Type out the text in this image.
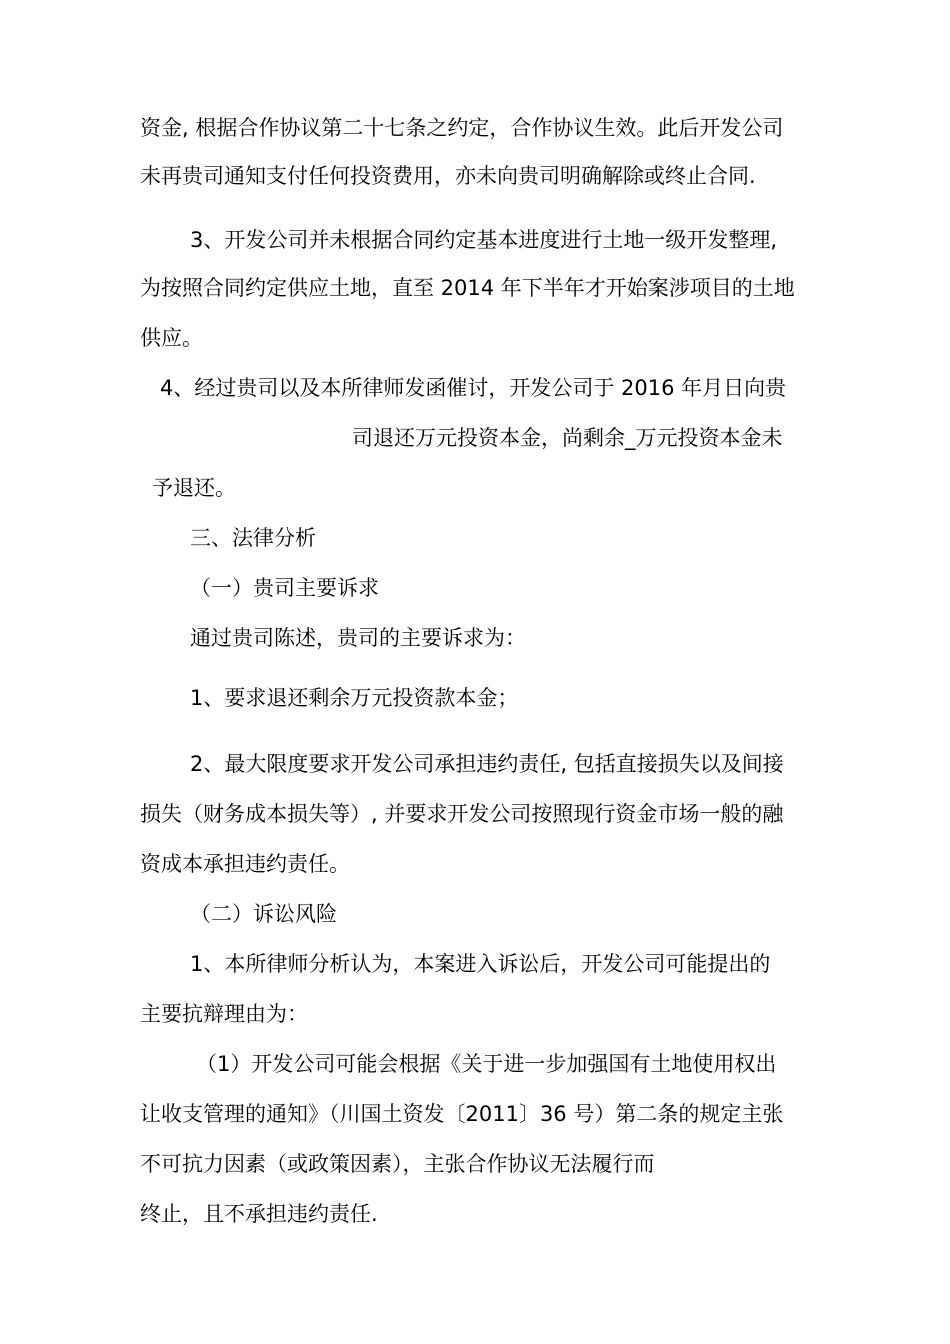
资金, 根据合作协议第二十七条之约定，合作协议生效。此后开发公司
未再贵司通知支付任何投资费用，亦未向贵司明确解除或终止合同.
3、开发公司并未根据合同约定基本进度进行土地一级开发整理,
为按照合同约定供应土地，直至 2014 年下半年才开始案涉项目的土地
供应。
4、经过贵司以及本所律师发函催讨，开发公司于 2016 年月日向贵
司退还万元投资本金，尚剩余_万元投资本金未
予退还。
三、法律分析
（一）贵司主要诉求
通过贵司陈述，贵司的主要诉求为：
1、要求退还剩余万元投资款本金；
2、最大限度要求开发公司承担违约责任, 包括直接损失以及间接
损失（财务成本损失等）, 并要求开发公司按照现行资金市场一般的融
资成本承担违约责任。
（二）诉讼风险
1、本所律师分析认为，本案进入诉讼后，开发公司可能提出的
主要抗辩理由为：
（1）开发公司可能会根据《关于进一步加强国有土地使用权出
让收支管理的通知》（川国土资发〔2011〕36 号）第二条的规定主张
不可抗力因素（或政策因素），主张合作协议无法履行而
终止，且不承担违约责任.
